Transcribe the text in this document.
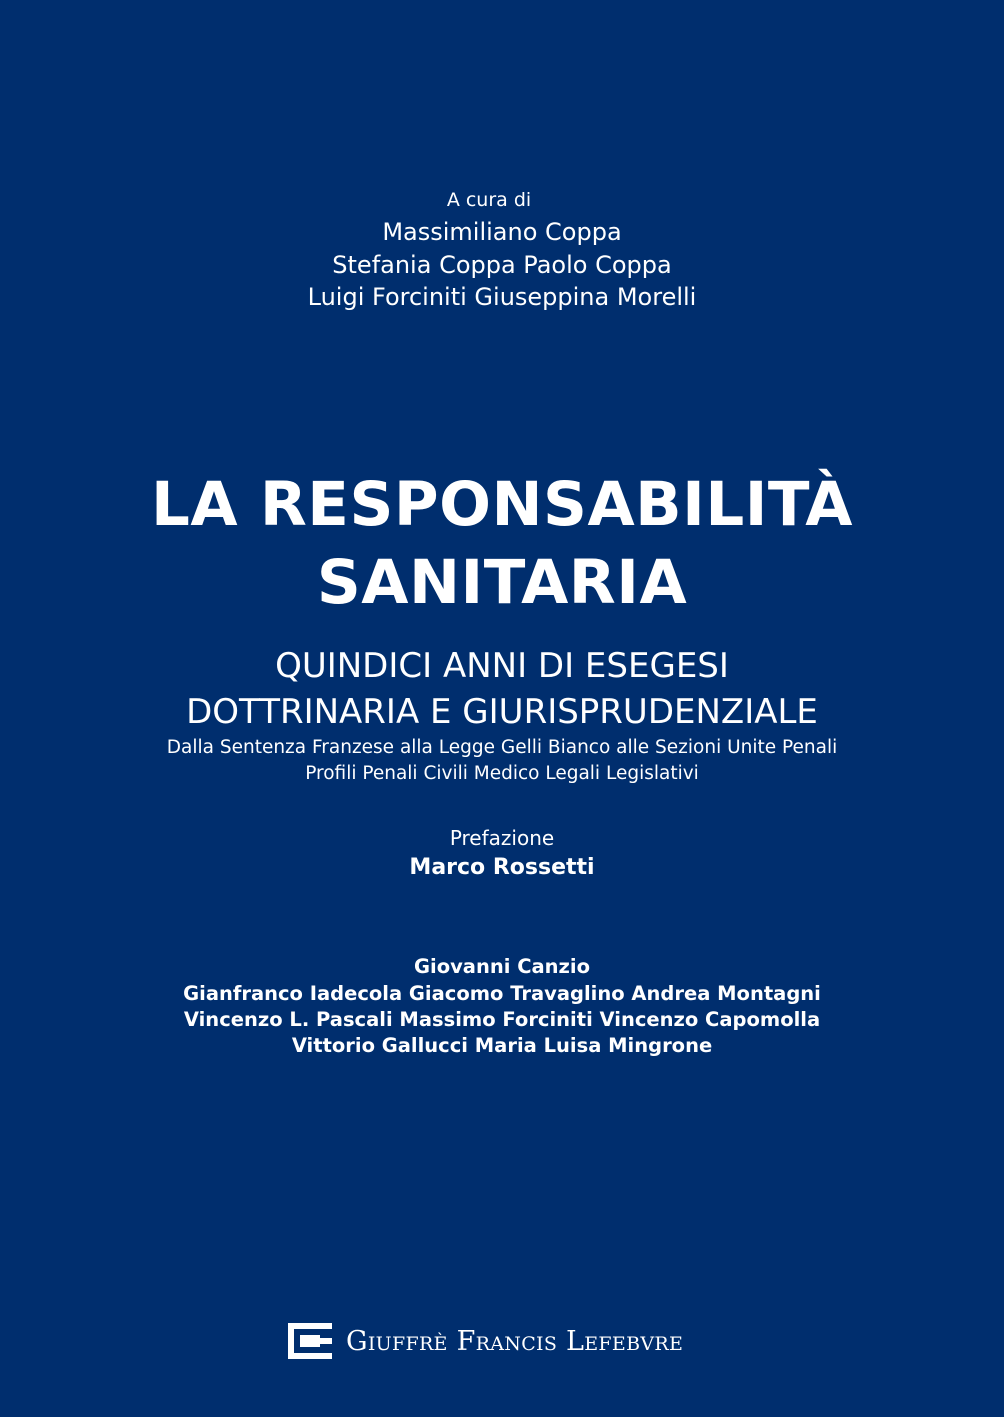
A cura di

Massimiliano Coppa

Stefania Coppa Paolo Coppa

Luigi Forciniti Giuseppina Morelli

LA RESPONSABILITÀ
SANITARIA
QUINDICI ANNI DI ESEGESI
DOTTRINARIA E GIURISPRUDENZIALE

Dalla Sentenza Franzese alla Legge Gelli Bianco alle Sezioni Unite Penali

Profili Penali Civili Medico Legali Legislativi

Prefazione

Marco Rossetti

Giovanni Canzio

Gianfranco Iadecola Giacomo Travaglino Andrea Montagni

Vincenzo L. Pascali Massimo Forciniti Vincenzo Capomolla

Vittorio Gallucci Maria Luisa Mingrone

Giuffrè Francis Lefebvre
